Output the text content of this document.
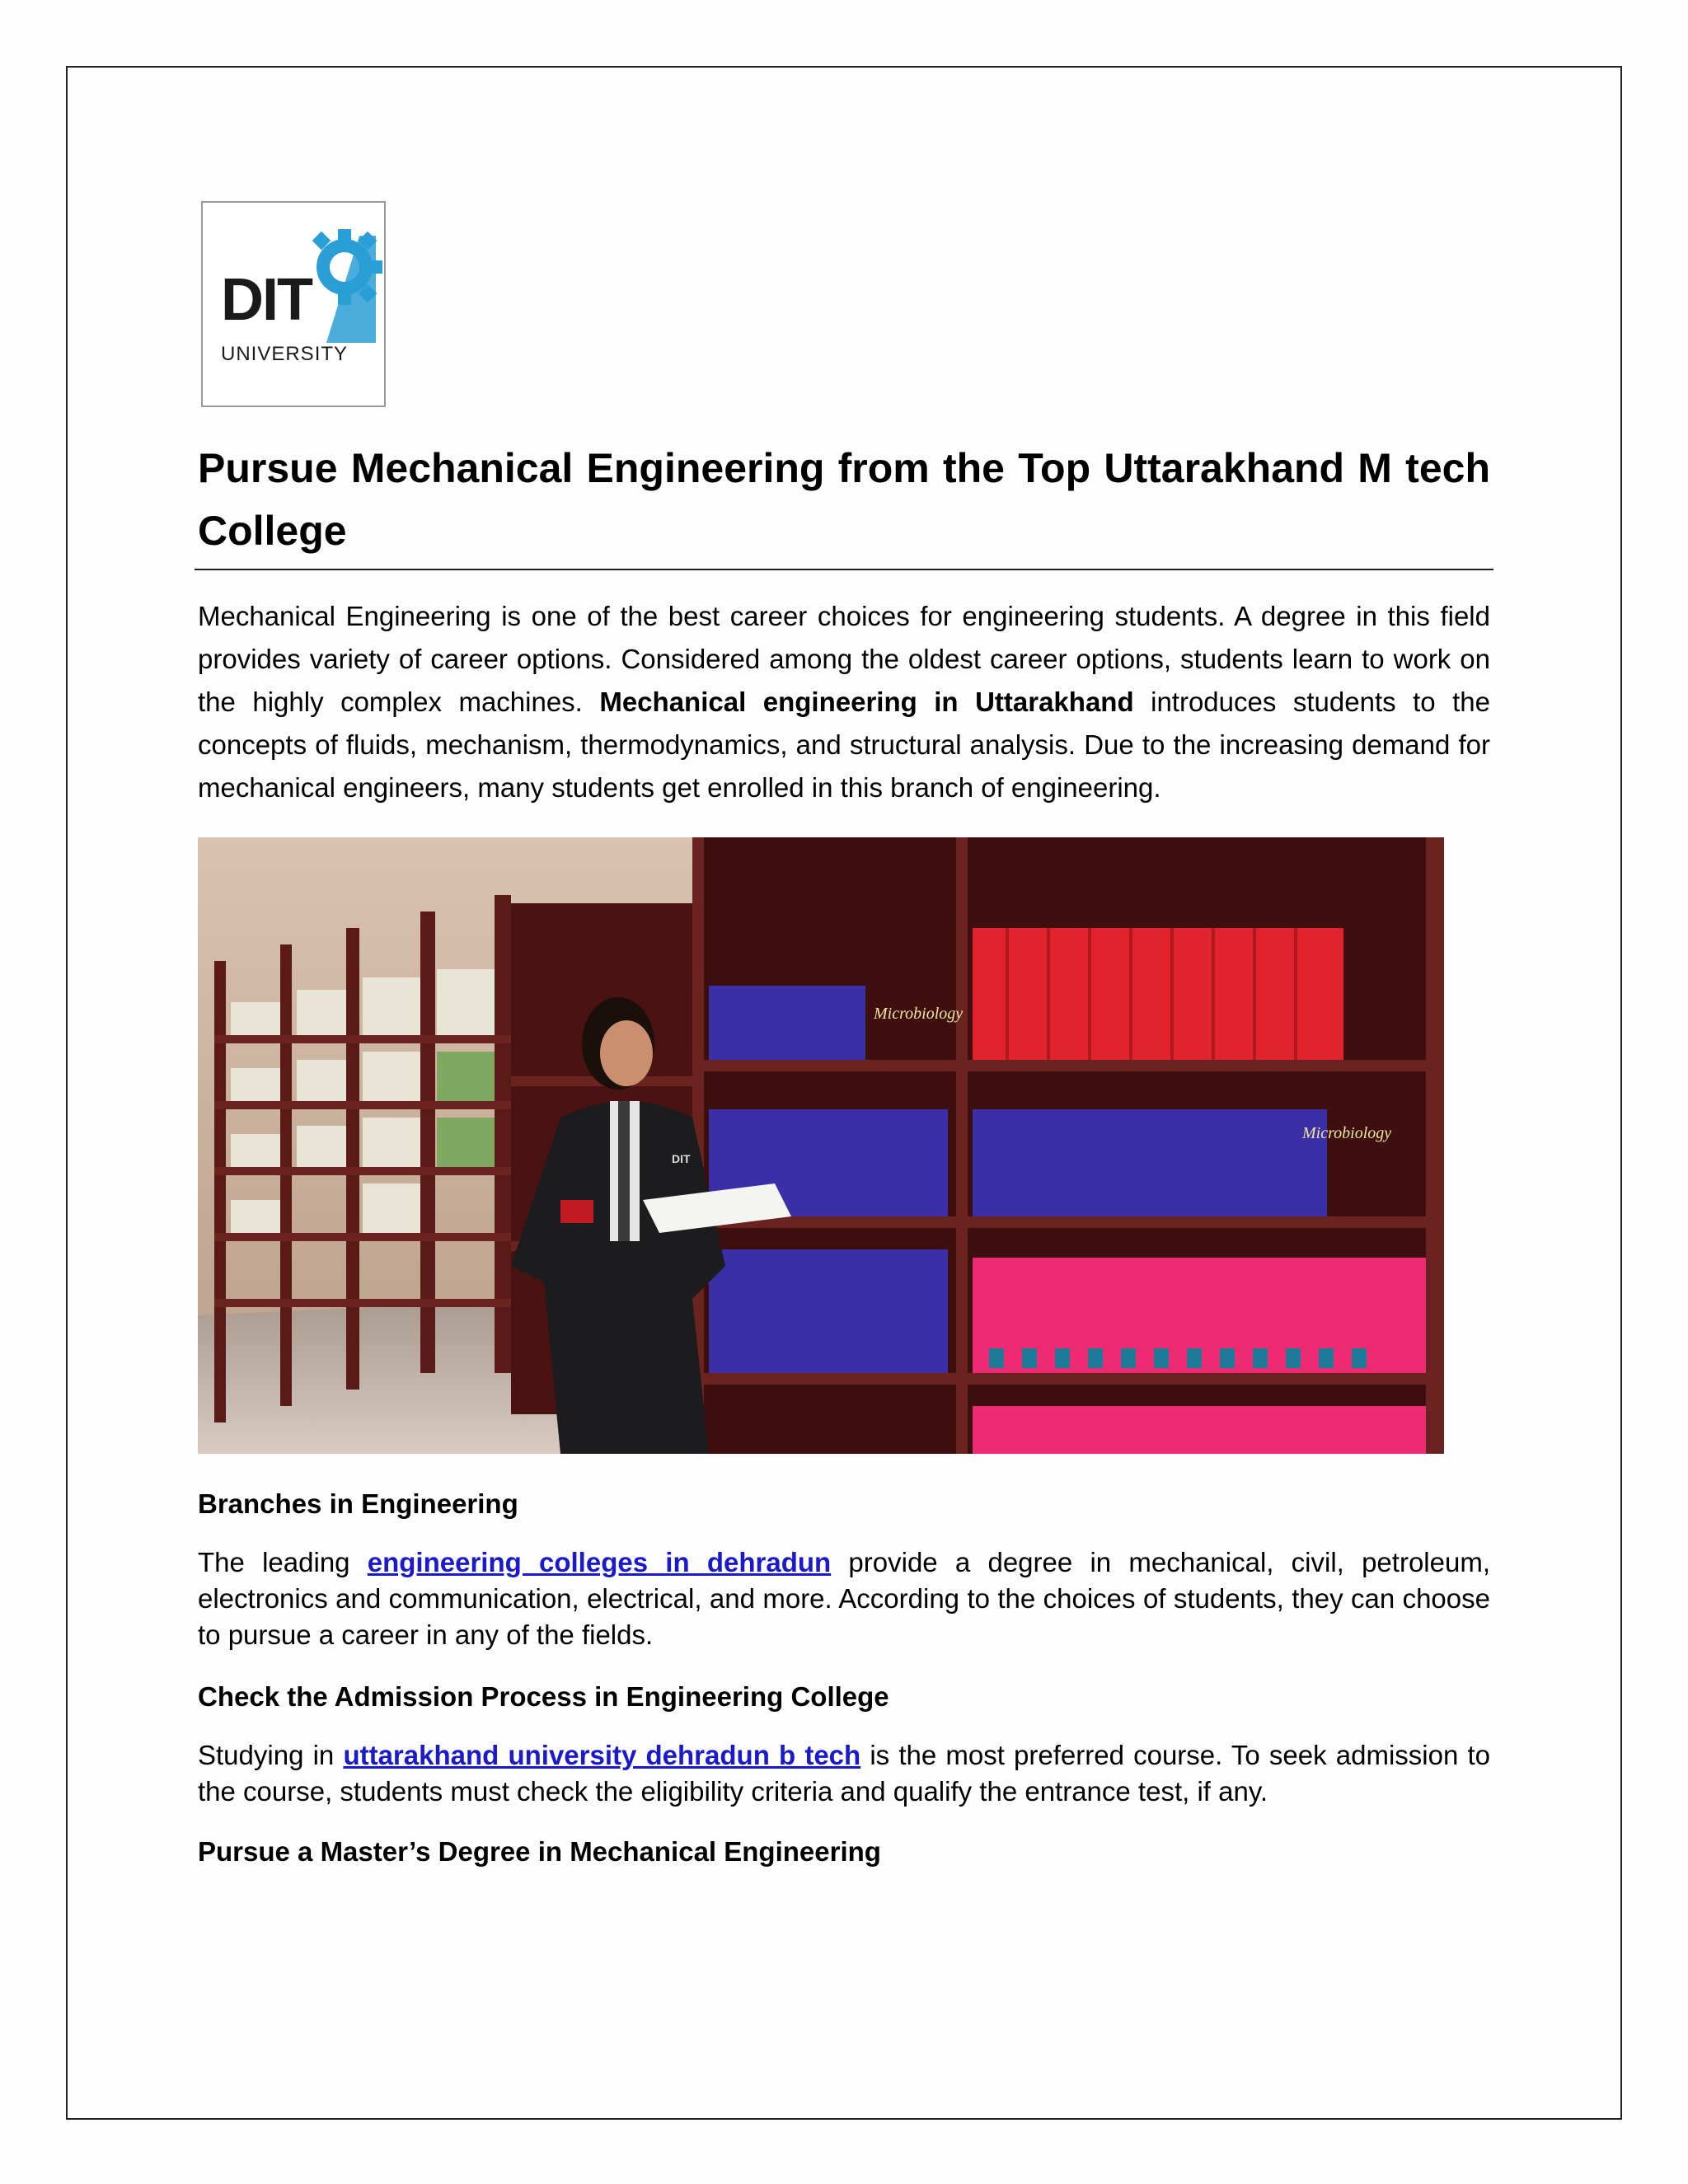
DIT
UNIVERSITY
Pursue Mechanical Engineering from the Top Uttarakhand M tech College

Mechanical Engineering is one of the best career choices for engineering students. A degree in this field provides variety of career options. Considered among the oldest career options, students learn to work on the highly complex machines. Mechanical engineering in Uttarakhand introduces students to the concepts of fluids, mechanism, thermodynamics, and structural analysis. Due to the increasing demand for mechanical engineers, many students get enrolled in this branch of engineering.

Microbiology
Microbiology
DIT
Branches in Engineering

The leading engineering colleges in dehradun provide a degree in mechanical, civil, petroleum, electronics and communication, electrical, and more. According to the choices of students, they can choose to pursue a career in any of the fields.

Check the Admission Process in Engineering College

Studying in uttarakhand university dehradun b tech is the most preferred course. To seek admission to the course, students must check the eligibility criteria and qualify the entrance test, if any.

Pursue a Master’s Degree in Mechanical Engineering
